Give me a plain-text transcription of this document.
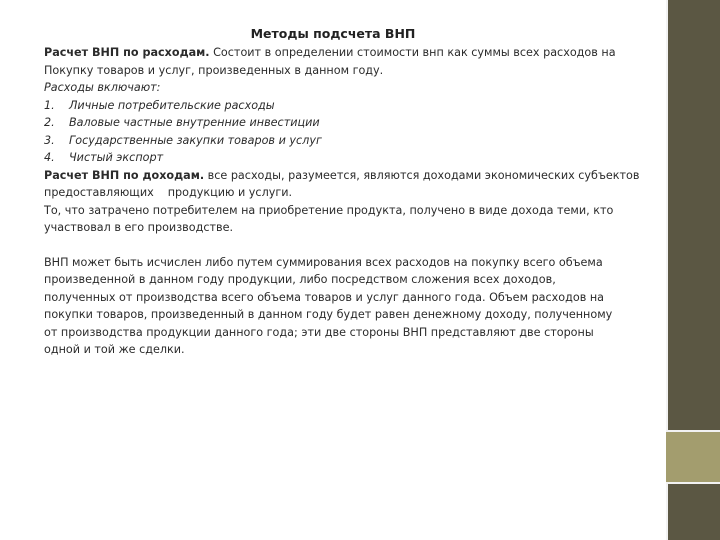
Методы подсчета ВНП
Расчет ВНП по расходам. Состоит в определении стоимости внп как суммы всех расходов на
Покупку товаров и услуг, произведенных в данном году.
Расходы включают:
1. Личные потребительские расходы
2. Валовые частные внутренние инвестиции
3. Государственные закупки товаров и услуг
4. Чистый экспорт
Расчет ВНП по доходам. все расходы, разумеется, являются доходами экономических субъектов
предоставляющих продукцию и услуги.
То, что затрачено потребителем на приобретение продукта, получено в виде дохода теми, кто
участвовал в его производстве.
ВНП может быть исчислен либо путем суммирования всех расходов на покупку всего объема
произведенной в данном году продукции, либо посредством сложения всех доходов,
полученных от производства всего объема товаров и услуг данного года. Объем расходов на
покупки товаров, произведенный в данном году будет равен денежному доходу, полученному
от производства продукции данного года; эти две стороны ВНП представляют две стороны
одной и той же сделки.
